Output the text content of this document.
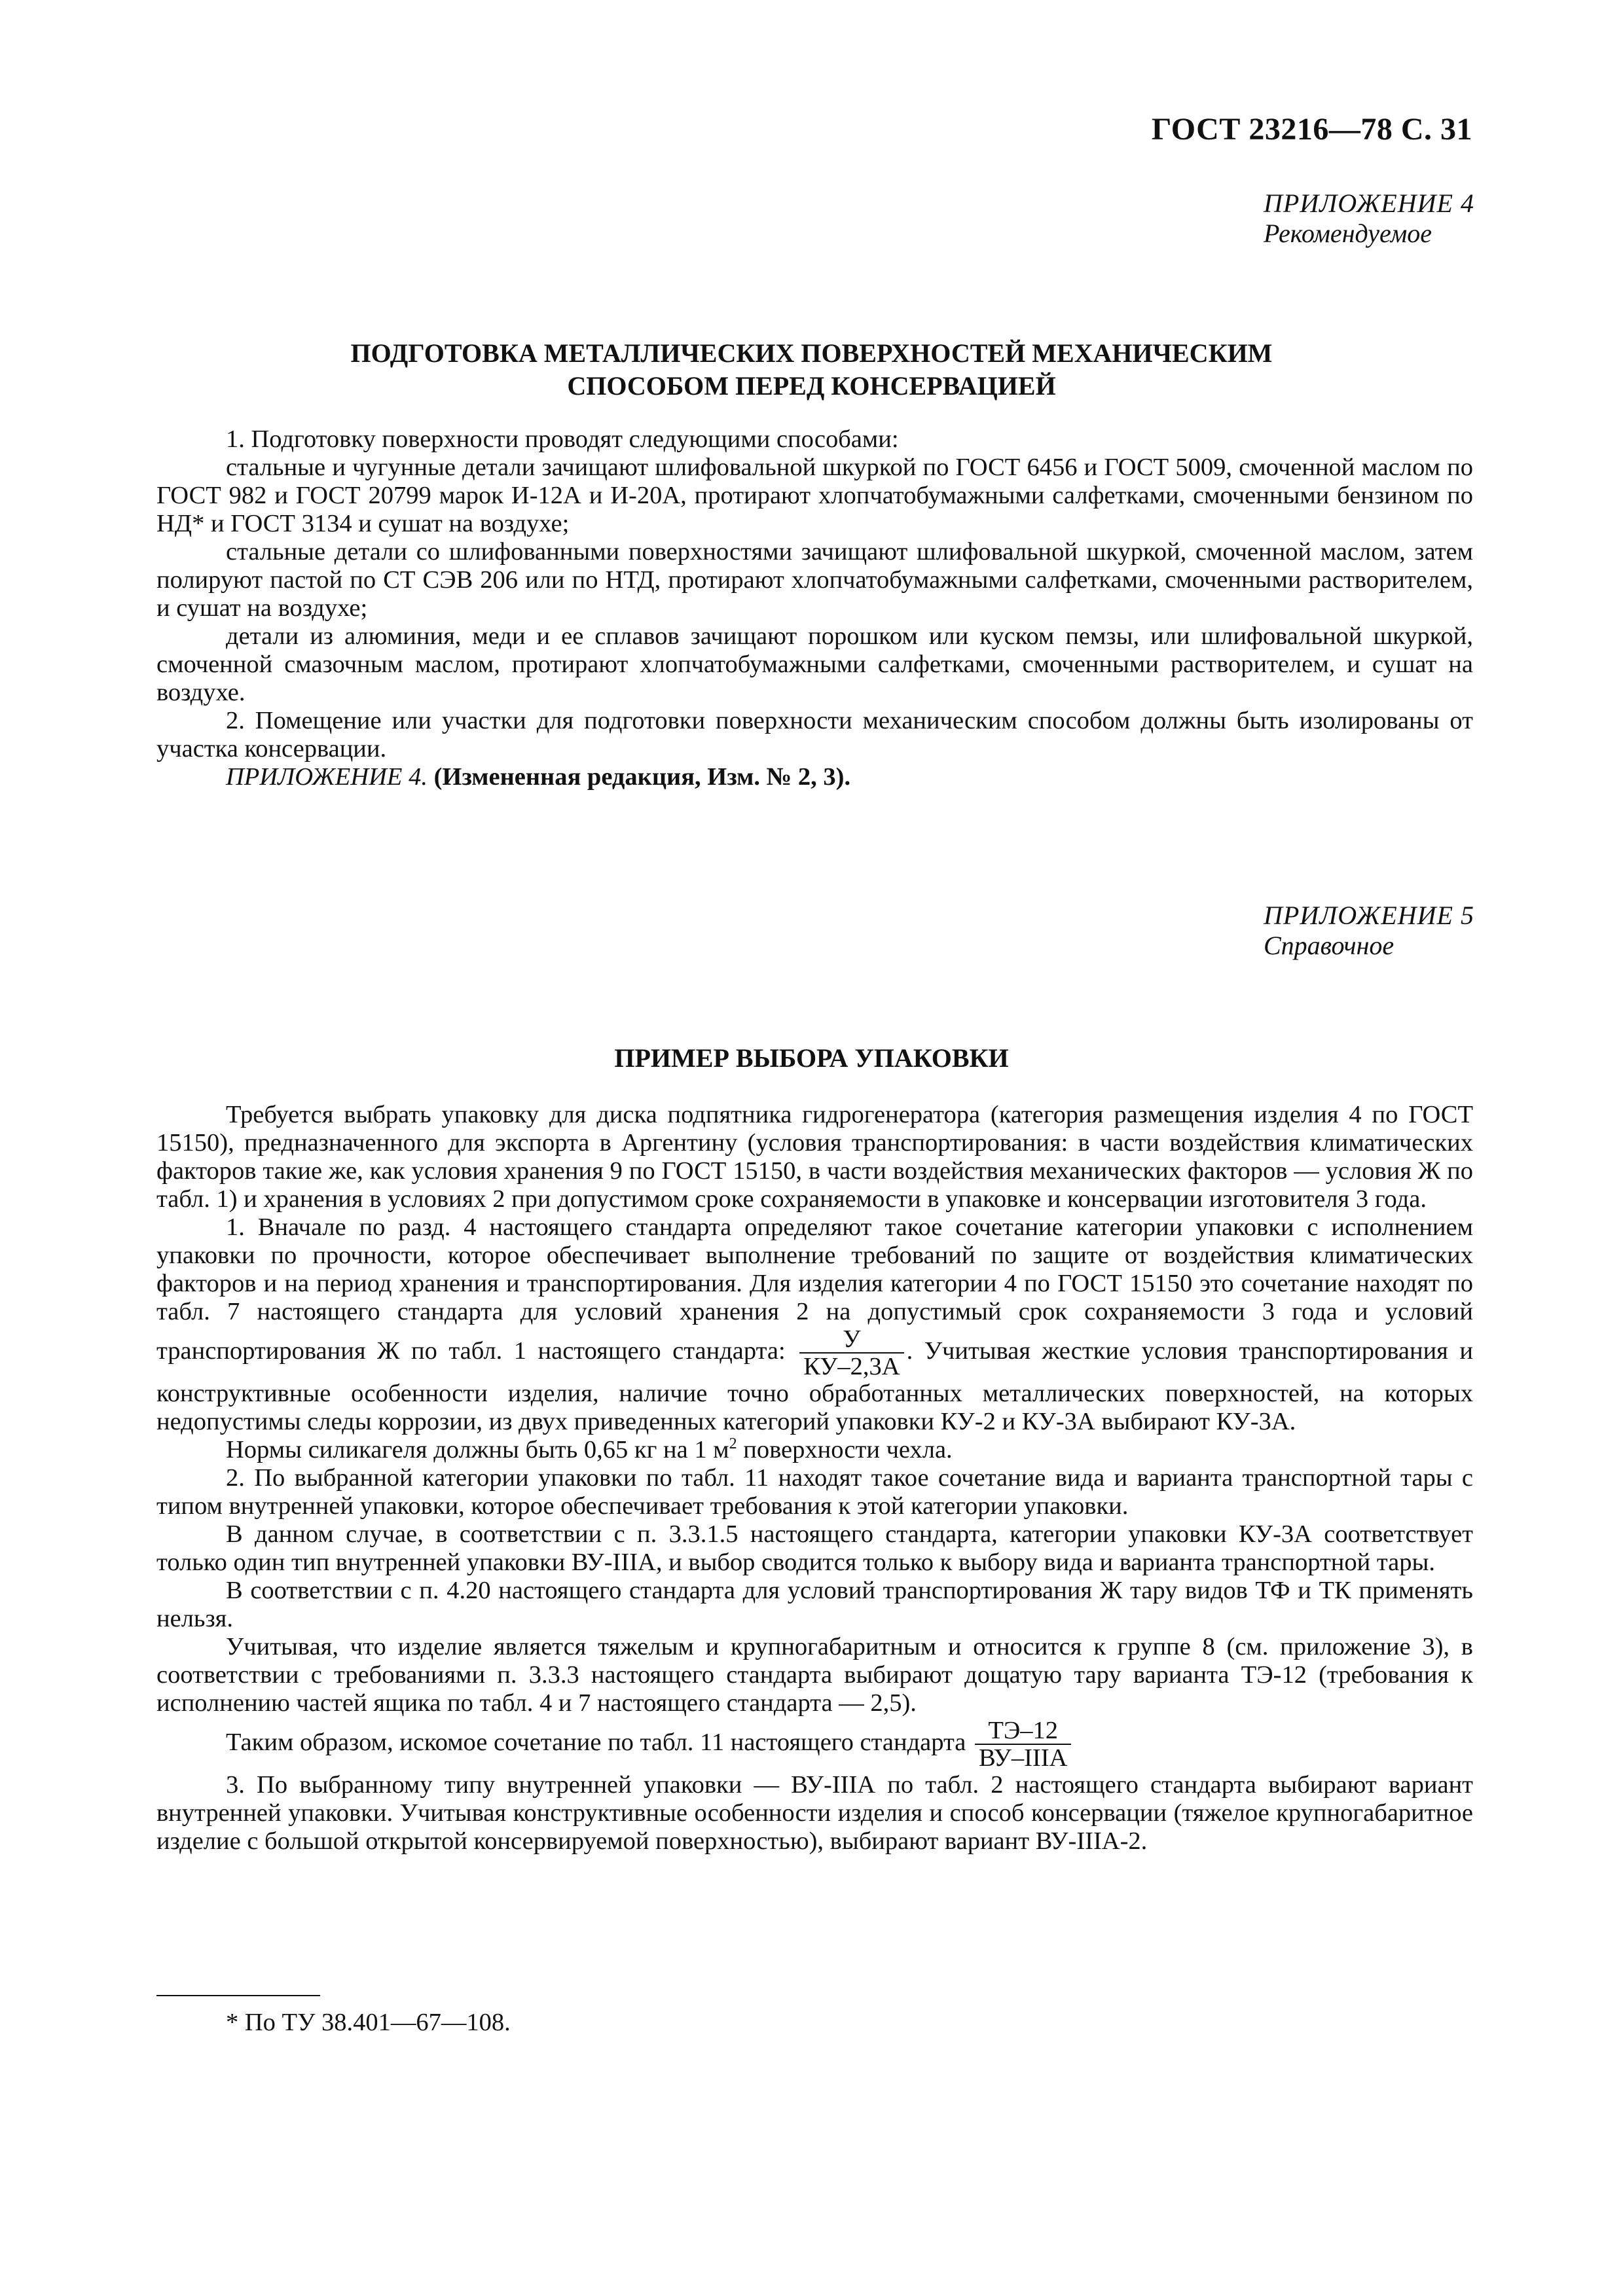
ГОСТ 23216—78 С. 31
ПРИЛОЖЕНИЕ 4
Рекомендуемое
ПОДГОТОВКА МЕТАЛЛИЧЕСКИХ ПОВЕРХНОСТЕЙ МЕХАНИЧЕСКИМ
СПОСОБОМ ПЕРЕД КОНСЕРВАЦИЕЙ

1. Подготовку поверхности проводят следующими способами:

стальные и чугунные детали зачищают шлифовальной шкуркой по ГОСТ 6456 и ГОСТ 5009, смоченной маслом по ГОСТ 982 и ГОСТ 20799 марок И-12А и И-20А, протирают хлопчатобумажными салфетками, смоченными бензином по НД* и ГОСТ 3134 и сушат на воздухе;

стальные детали со шлифованными поверхностями зачищают шлифовальной шкуркой, смоченной маслом, затем полируют пастой по СТ СЭВ 206 или по НТД, протирают хлопчатобумажными салфетками, смоченными растворителем, и сушат на воздухе;

детали из алюминия, меди и ее сплавов зачищают порошком или куском пемзы, или шлифовальной шкуркой, смоченной смазочным маслом, протирают хлопчатобумажными салфетками, смоченными растворителем, и сушат на воздухе.

2. Помещение или участки для подготовки поверхности механическим способом должны быть изолированы от участка консервации.

ПРИЛОЖЕНИЕ 4. (Измененная редакция, Изм. № 2, 3).

ПРИЛОЖЕНИЕ 5
Справочное
ПРИМЕР ВЫБОРА УПАКОВКИ

Требуется выбрать упаковку для диска подпятника гидрогенератора (категория размещения изделия 4 по ГОСТ 15150), предназначенного для экспорта в Аргентину (условия транспортирования: в части воздействия климатических факторов такие же, как условия хранения 9 по ГОСТ 15150, в части воздействия механических факторов — условия Ж по табл. 1) и хранения в условиях 2 при допустимом сроке сохраняемости в упаковке и консервации изготовителя 3 года.

1. Вначале по разд. 4 настоящего стандарта определяют такое сочетание категории упаковки с исполнением упаковки по прочности, которое обеспечивает выполнение требований по защите от воздействия климатических факторов и на период хранения и транспортирования. Для изделия категории 4 по ГОСТ 15150 это сочетание находят по табл. 7 настоящего стандарта для условий хранения 2 на допустимый срок сохраняемости 3 года и условий транспортирования Ж по табл. 1 настоящего стандарта: $\frac{У}{КУ-2,3А}$ . Учитывая жесткие условия транспортирования и конструктивные особенности изделия, наличие точно обработанных металлических поверхностей, на которых недопустимы следы коррозии, из двух приведенных категорий упаковки КУ-2 и КУ-3А выбирают КУ-3А.

Нормы силикагеля должны быть 0,65 кг на 1 $м^2$ поверхности чехла.

2. По выбранной категории упаковки по табл. 11 находят такое сочетание вида и варианта транспортной тары с типом внутренней упаковки, которое обеспечивает требования к этой категории упаковки.

В данном случае, в соответствии с п. 3.3.1.5 настоящего стандарта, категории упаковки КУ-3А соответствует только один тип внутренней упаковки ВУ-IIIА, и выбор сводится только к выбору вида и варианта транспортной тары.

В соответствии с п. 4.20 настоящего стандарта для условий транспортирования Ж тару видов ТФ и ТК применять нельзя.

Учитывая, что изделие является тяжелым и крупногабаритным и относится к группе 8 (см. приложение 3), в соответствии с требованиями п. 3.3.3 настоящего стандарта выбирают дощатую тару варианта ТЭ-12 (требования к исполнению частей ящика по табл. 4 и 7 настоящего стандарта — 2,5).

Таким образом, искомое сочетание по табл. 11 настоящего стандарта $\frac{ТЭ-12}{\text{ВУ–IIIА}}$

3. По выбранному типу внутренней упаковки — ВУ-IIIА по табл. 2 настоящего стандарта выбирают вариант внутренней упаковки. Учитывая конструктивные особенности изделия и способ консервации (тяжелое крупногабаритное изделие с большой открытой консервируемой поверхностью), выбирают вариант ВУ-IIIА-2.

* По ТУ 38.401—67—108.
